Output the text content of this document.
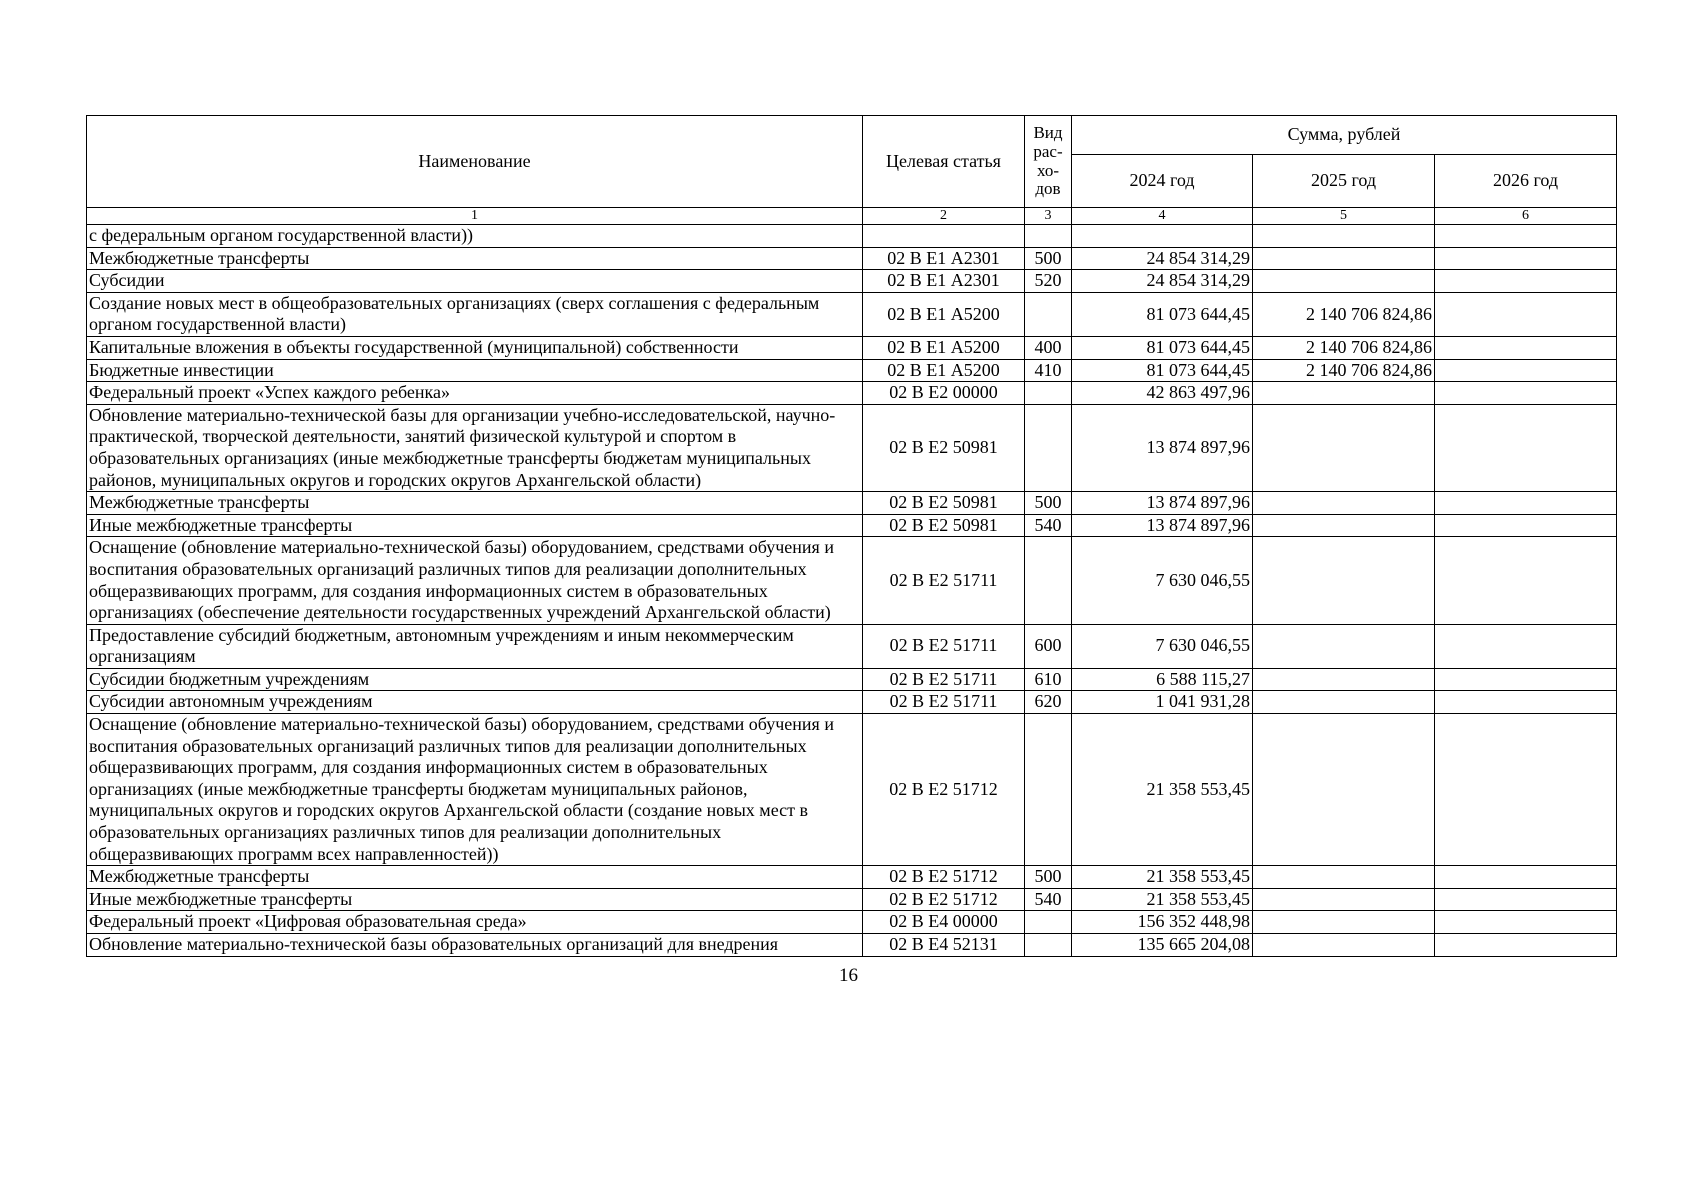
Наименование	Целевая статья	Вид рас- хо- дов	Сумма, рублей		
			2024 год	2025 год	2026 год
1	2	3	4	5	6
с федеральным органом государственной власти))					
Межбюджетные трансферты	02 В Е1 А2301	500	24 854 314,29		
Субсидии	02 В Е1 А2301	520	24 854 314,29		
Создание новых мест в общеобразовательных организациях (сверх соглашения с федеральным органом государственной власти)	02 В Е1 А5200		81 073 644,45	2 140 706 824,86	
Капитальные вложения в объекты государственной (муниципальной) собственности	02 В Е1 А5200	400	81 073 644,45	2 140 706 824,86	
Бюджетные инвестиции	02 В Е1 А5200	410	81 073 644,45	2 140 706 824,86	
Федеральный проект «Успех каждого ребенка»	02 В Е2 00000		42 863 497,96		
Обновление материально-технической базы для организации учебно-исследовательской, научно-практической, творческой деятельности, занятий физической культурой и спортом в образовательных организациях (иные межбюджетные трансферты бюджетам муниципальных районов, муниципальных округов и городских округов Архангельской области)	02 В Е2 50981		13 874 897,96		
Межбюджетные трансферты	02 В Е2 50981	500	13 874 897,96		
Иные межбюджетные трансферты	02 В Е2 50981	540	13 874 897,96		
Оснащение (обновление материально-технической базы) оборудованием, средствами обучения и воспитания образовательных организаций различных типов для реализации дополнительных общеразвивающих программ, для создания информационных систем в образовательных организациях (обеспечение деятельности государственных учреждений Архангельской области)	02 В Е2 51711		7 630 046,55		
Предоставление субсидий бюджетным, автономным учреждениям и иным некоммерческим организациям	02 В Е2 51711	600	7 630 046,55		
Субсидии бюджетным учреждениям	02 В Е2 51711	610	6 588 115,27		
Субсидии автономным учреждениям	02 В Е2 51711	620	1 041 931,28		
Оснащение (обновление материально-технической базы) оборудованием, средствами обучения и воспитания образовательных организаций различных типов для реализации дополнительных общеразвивающих программ, для создания информационных систем в образовательных организациях (иные межбюджетные трансферты бюджетам муниципальных районов, муниципальных округов и городских округов Архангельской области (создание новых мест в образовательных организациях различных типов для реализации дополнительных общеразвивающих программ всех направленностей))	02 В Е2 51712		21 358 553,45		
Межбюджетные трансферты	02 В Е2 51712	500	21 358 553,45		
Иные межбюджетные трансферты	02 В Е2 51712	540	21 358 553,45		
Федеральный проект «Цифровая образовательная среда»	02 В Е4 00000		156 352 448,98		
Обновление материально-технической базы образовательных организаций для внедрения	02 В Е4 52131		135 665 204,08		
16
